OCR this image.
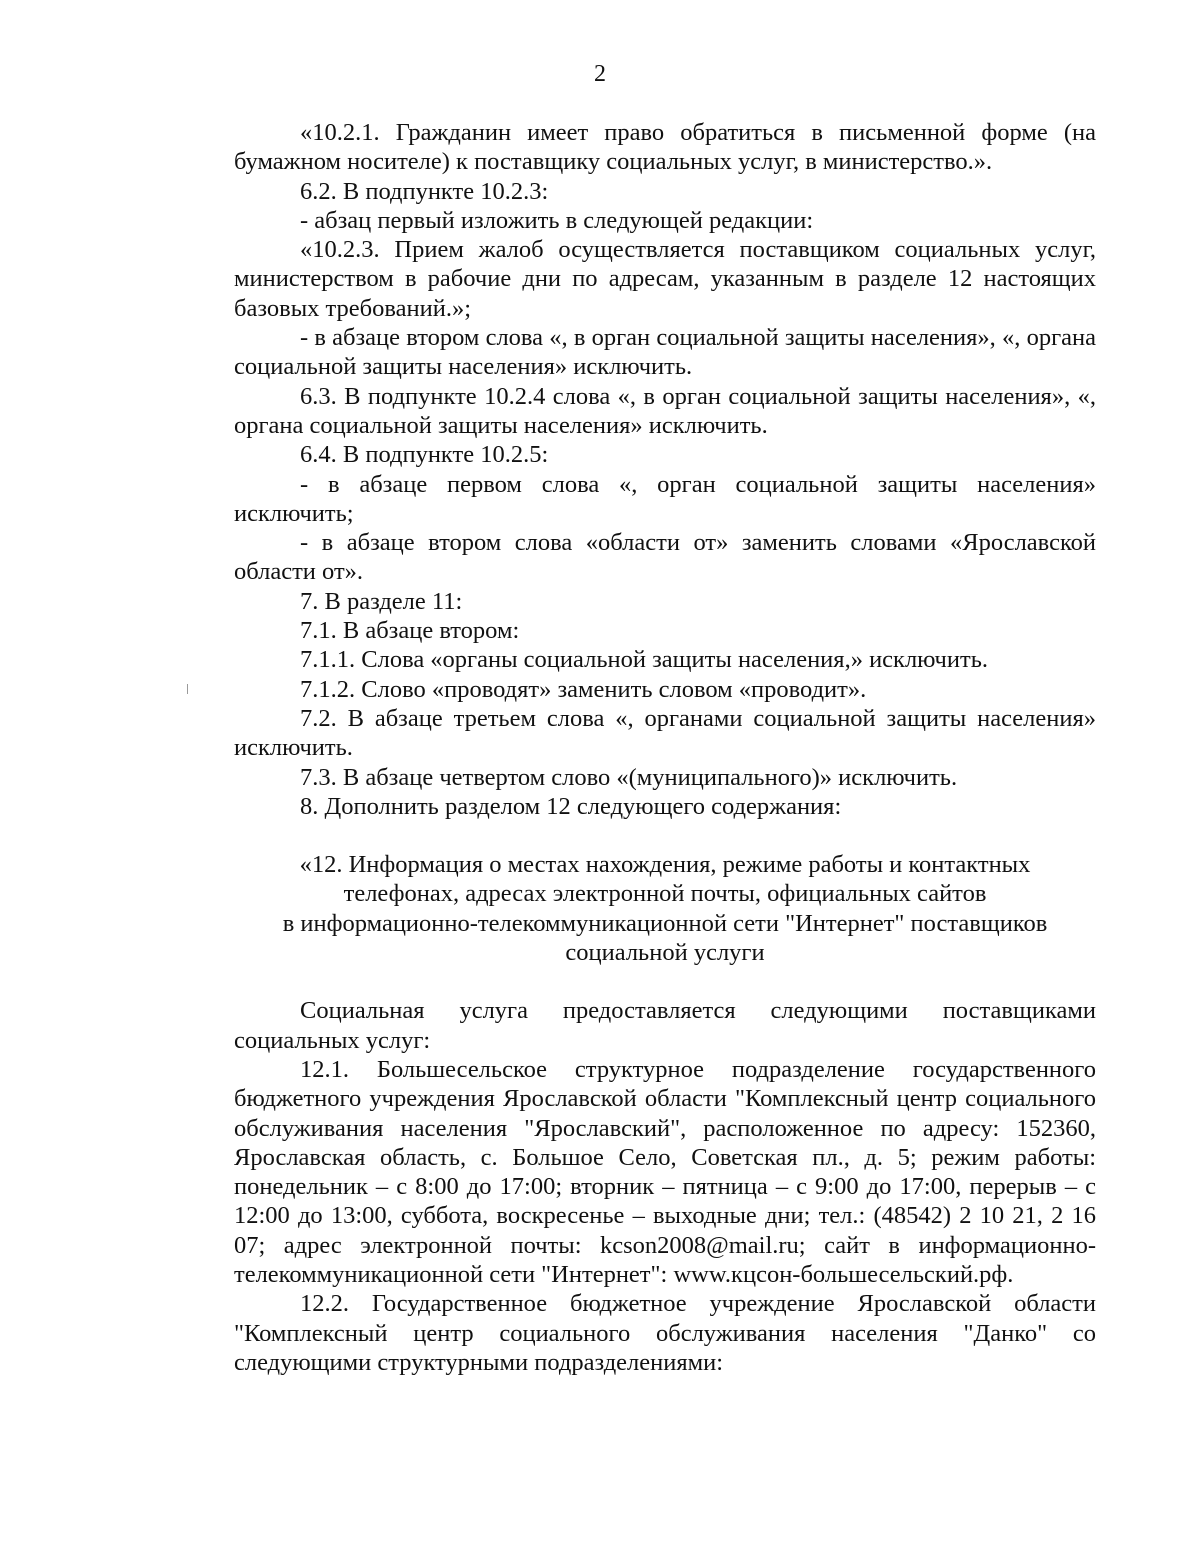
2

«10.2.1. Гражданин имеет право обратиться в письменной форме (на бумажном носителе) к поставщику социальных услуг, в министерство.».

6.2. В подпункте 10.2.3:

- абзац первый изложить в следующей редакции:

«10.2.3. Прием жалоб осуществляется поставщиком социальных услуг, министерством в рабочие дни по адресам, указанным в разделе 12 настоящих базовых требований.»;

- в абзаце втором слова «, в орган социальной защиты населения», «, органа социальной защиты населения» исключить.

6.3. В подпункте 10.2.4 слова «, в орган социальной защиты населения», «, органа социальной защиты населения» исключить.

6.4. В подпункте 10.2.5:

- в абзаце первом слова «, орган социальной защиты населения» исключить;

- в абзаце втором слова «области от» заменить словами «Ярославской области от».

7. В разделе 11:

7.1. В абзаце втором:

7.1.1. Слова «органы социальной защиты населения,» исключить.

7.1.2. Слово «проводят» заменить словом «проводит».

7.2. В абзаце третьем слова «, органами социальной защиты населения» исключить.

7.3. В абзаце четвертом слово «(муниципального)» исключить.

8. Дополнить разделом 12 следующего содержания:

«12. Информация о местах нахождения, режиме работы и контактных
телефонах, адресах электронной почты, официальных сайтов
в информационно-телекоммуникационной сети "Интернет" поставщиков
социальной услуги

Социальная услуга предоставляется следующими поставщиками социальных услуг:

12.1. Большесельское структурное подразделение государственного бюджетного учреждения Ярославской области "Комплексный центр социального обслуживания населения "Ярославский", расположенное по адресу: 152360, Ярославская область, с. Большое Село, Советская пл., д. 5; режим работы: понедельник – с 8:00 до 17:00; вторник – пятница – с 9:00 до 17:00, перерыв – с 12:00 до 13:00, суббота, воскресенье – выходные дни; тел.: (48542) 2 10 21, 2 16 07; адрес электронной почты: kcson2008@mail.ru; сайт в информационно-телекоммуникационной сети "Интернет": www.кцсон-большесельский.рф.

12.2. Государственное бюджетное учреждение Ярославской области "Комплексный центр социального обслуживания населения "Данко" со следующими структурными подразделениями:
